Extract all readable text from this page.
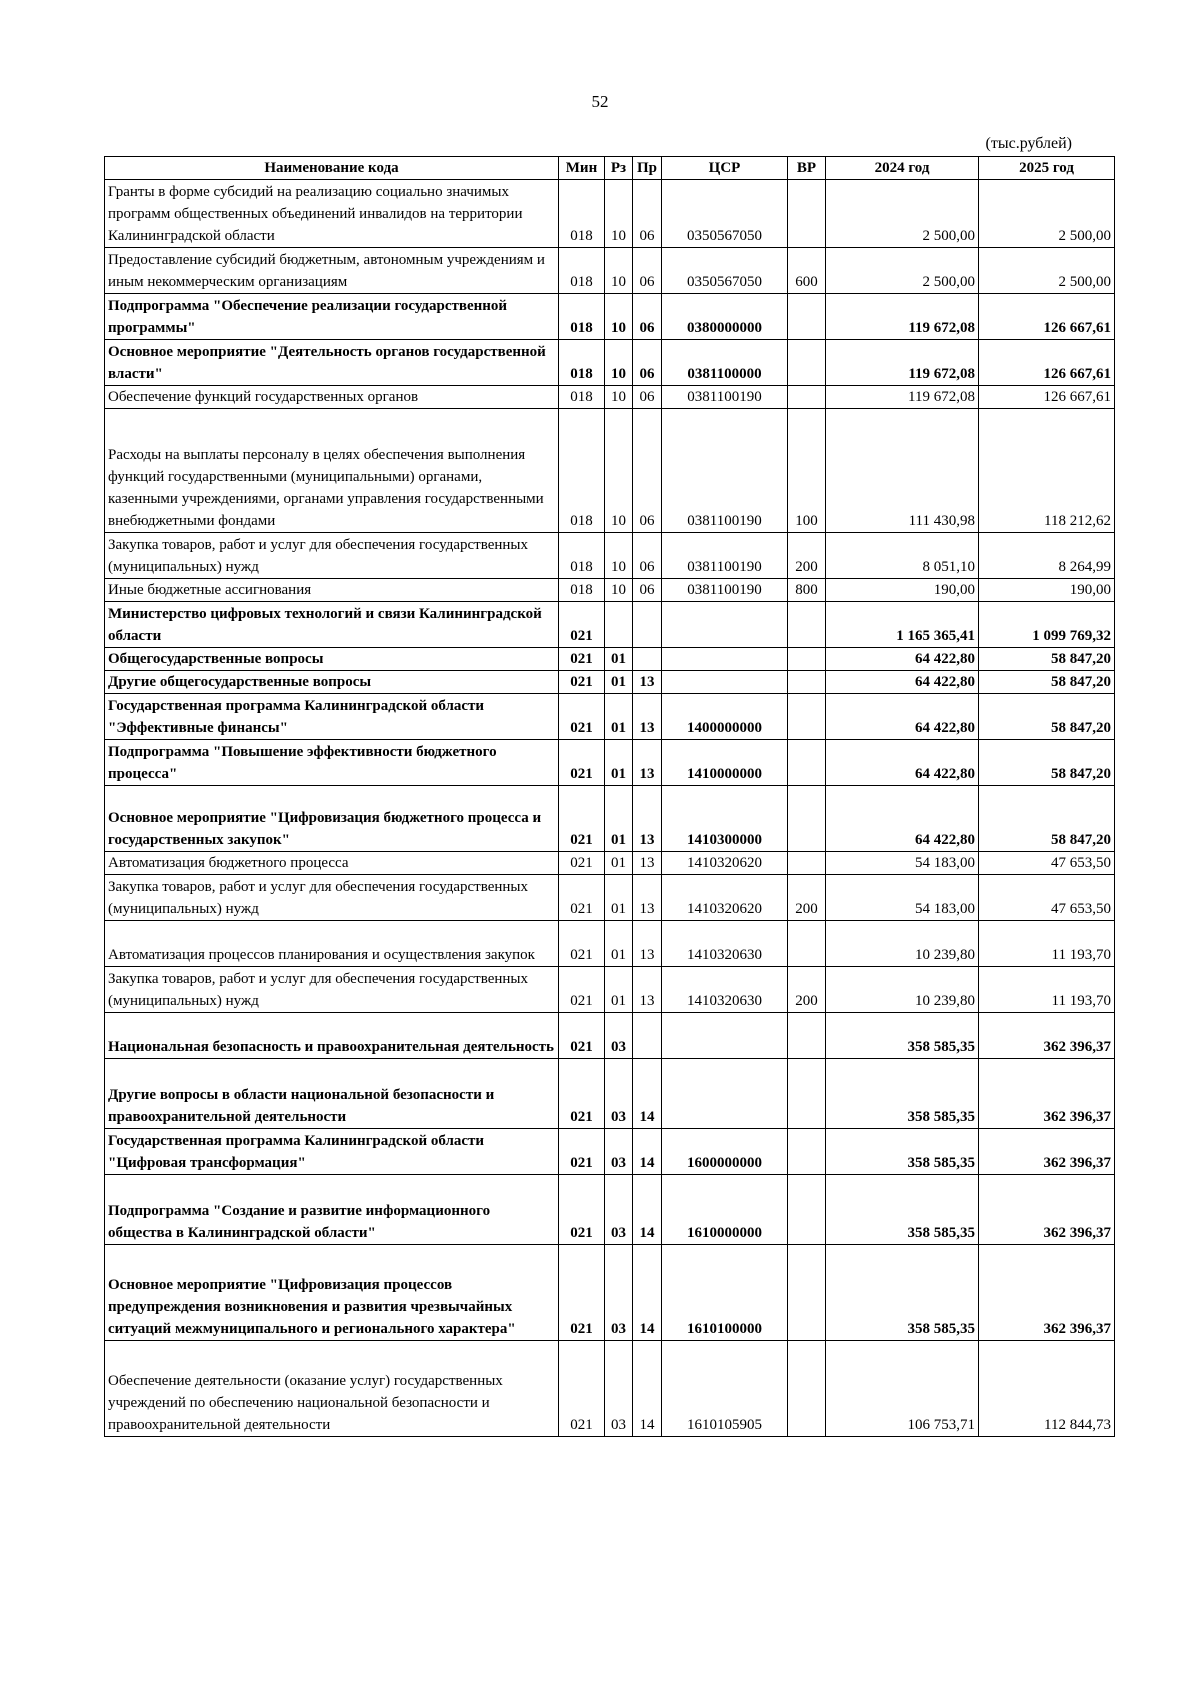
52
(тыс.рублей)
Наименование кода	Мин	Рз	Пр	ЦСР	ВР	2024 год	2025 год
Гранты в форме субсидий на реализацию социально значимых программ общественных объединений инвалидов на территории Калининградской области	018	10	06	0350567050		2 500,00	2 500,00
Предоставление субсидий бюджетным, автономным учреждениям и иным некоммерческим организациям	018	10	06	0350567050	600	2 500,00	2 500,00
Подпрограмма "Обеспечение реализации государственной программы"	018	10	06	0380000000		119 672,08	126 667,61
Основное мероприятие "Деятельность органов государственной власти"	018	10	06	0381100000		119 672,08	126 667,61
Обеспечение функций государственных органов	018	10	06	0381100190		119 672,08	126 667,61
Расходы на выплаты персоналу в целях обеспечения выполнения функций государственными (муниципальными) органами, казенными учреждениями, органами управления государственными внебюджетными фондами	018	10	06	0381100190	100	111 430,98	118 212,62
Закупка товаров, работ и услуг для обеспечения государственных (муниципальных) нужд	018	10	06	0381100190	200	8 051,10	8 264,99
Иные бюджетные ассигнования	018	10	06	0381100190	800	190,00	190,00
Министерство цифровых технологий и связи Калининградской области	021					1 165 365,41	1 099 769,32
Общегосударственные вопросы	021	01				64 422,80	58 847,20
Другие общегосударственные вопросы	021	01	13			64 422,80	58 847,20
Государственная программа Калининградской области "Эффективные финансы"	021	01	13	1400000000		64 422,80	58 847,20
Подпрограмма "Повышение эффективности бюджетного процесса"	021	01	13	1410000000		64 422,80	58 847,20
Основное мероприятие "Цифровизация бюджетного процесса и государственных закупок"	021	01	13	1410300000		64 422,80	58 847,20
Автоматизация бюджетного процесса	021	01	13	1410320620		54 183,00	47 653,50
Закупка товаров, работ и услуг для обеспечения государственных (муниципальных) нужд	021	01	13	1410320620	200	54 183,00	47 653,50
Автоматизация процессов планирования и осуществления закупок	021	01	13	1410320630		10 239,80	11 193,70
Закупка товаров, работ и услуг для обеспечения государственных (муниципальных) нужд	021	01	13	1410320630	200	10 239,80	11 193,70
Национальная безопасность и правоохранительная деятельность	021	03				358 585,35	362 396,37
Другие вопросы в области национальной безопасности и правоохранительной деятельности	021	03	14			358 585,35	362 396,37
Государственная программа Калининградской области "Цифровая трансформация"	021	03	14	1600000000		358 585,35	362 396,37
Подпрограмма "Создание и развитие информационного общества в Калининградской области"	021	03	14	1610000000		358 585,35	362 396,37
Основное мероприятие "Цифровизация процессов предупреждения возникновения и развития чрезвычайных ситуаций межмуниципального и регионального характера"	021	03	14	1610100000		358 585,35	362 396,37
Обеспечение деятельности (оказание услуг) государственных учреждений по обеспечению национальной безопасности и правоохранительной деятельности	021	03	14	1610105905		106 753,71	112 844,73
